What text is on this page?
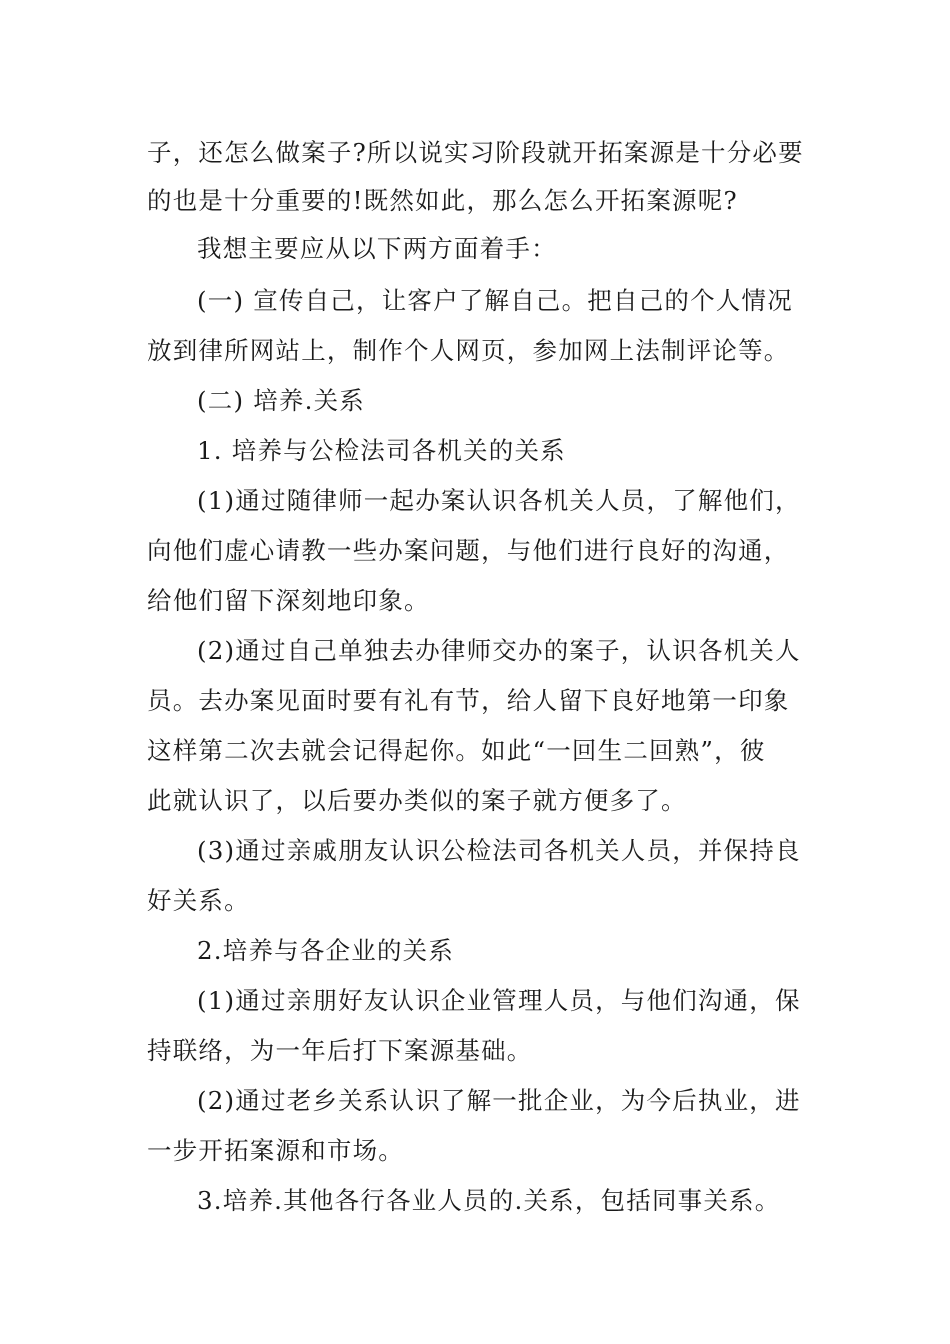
子，还怎么做案子?所以说实习阶段就开拓案源是十分必要
的也是十分重要的!既然如此，那么怎么开拓案源呢?
我想主要应从以下两方面着手：
(一) 宣传自己，让客户了解自己。把自己的个人情况
放到律所网站上，制作个人网页，参加网上法制评论等。
(二) 培养.关系
1. 培养与公检法司各机关的关系
(1)通过随律师一起办案认识各机关人员，了解他们，
向他们虚心请教一些办案问题，与他们进行良好的沟通，
给他们留下深刻地印象。
(2)通过自己单独去办律师交办的案子，认识各机关人
员。去办案见面时要有礼有节，给人留下良好地第一印象
这样第二次去就会记得起你。如此“一回生二回熟”，彼
此就认识了，以后要办类似的案子就方便多了。
(3)通过亲戚朋友认识公检法司各机关人员，并保持良
好关系。
2.培养与各企业的关系
(1)通过亲朋好友认识企业管理人员，与他们沟通，保
持联络，为一年后打下案源基础。
(2)通过老乡关系认识了解一批企业，为今后执业，进
一步开拓案源和市场。
3.培养.其他各行各业人员的.关系，包括同事关系。
